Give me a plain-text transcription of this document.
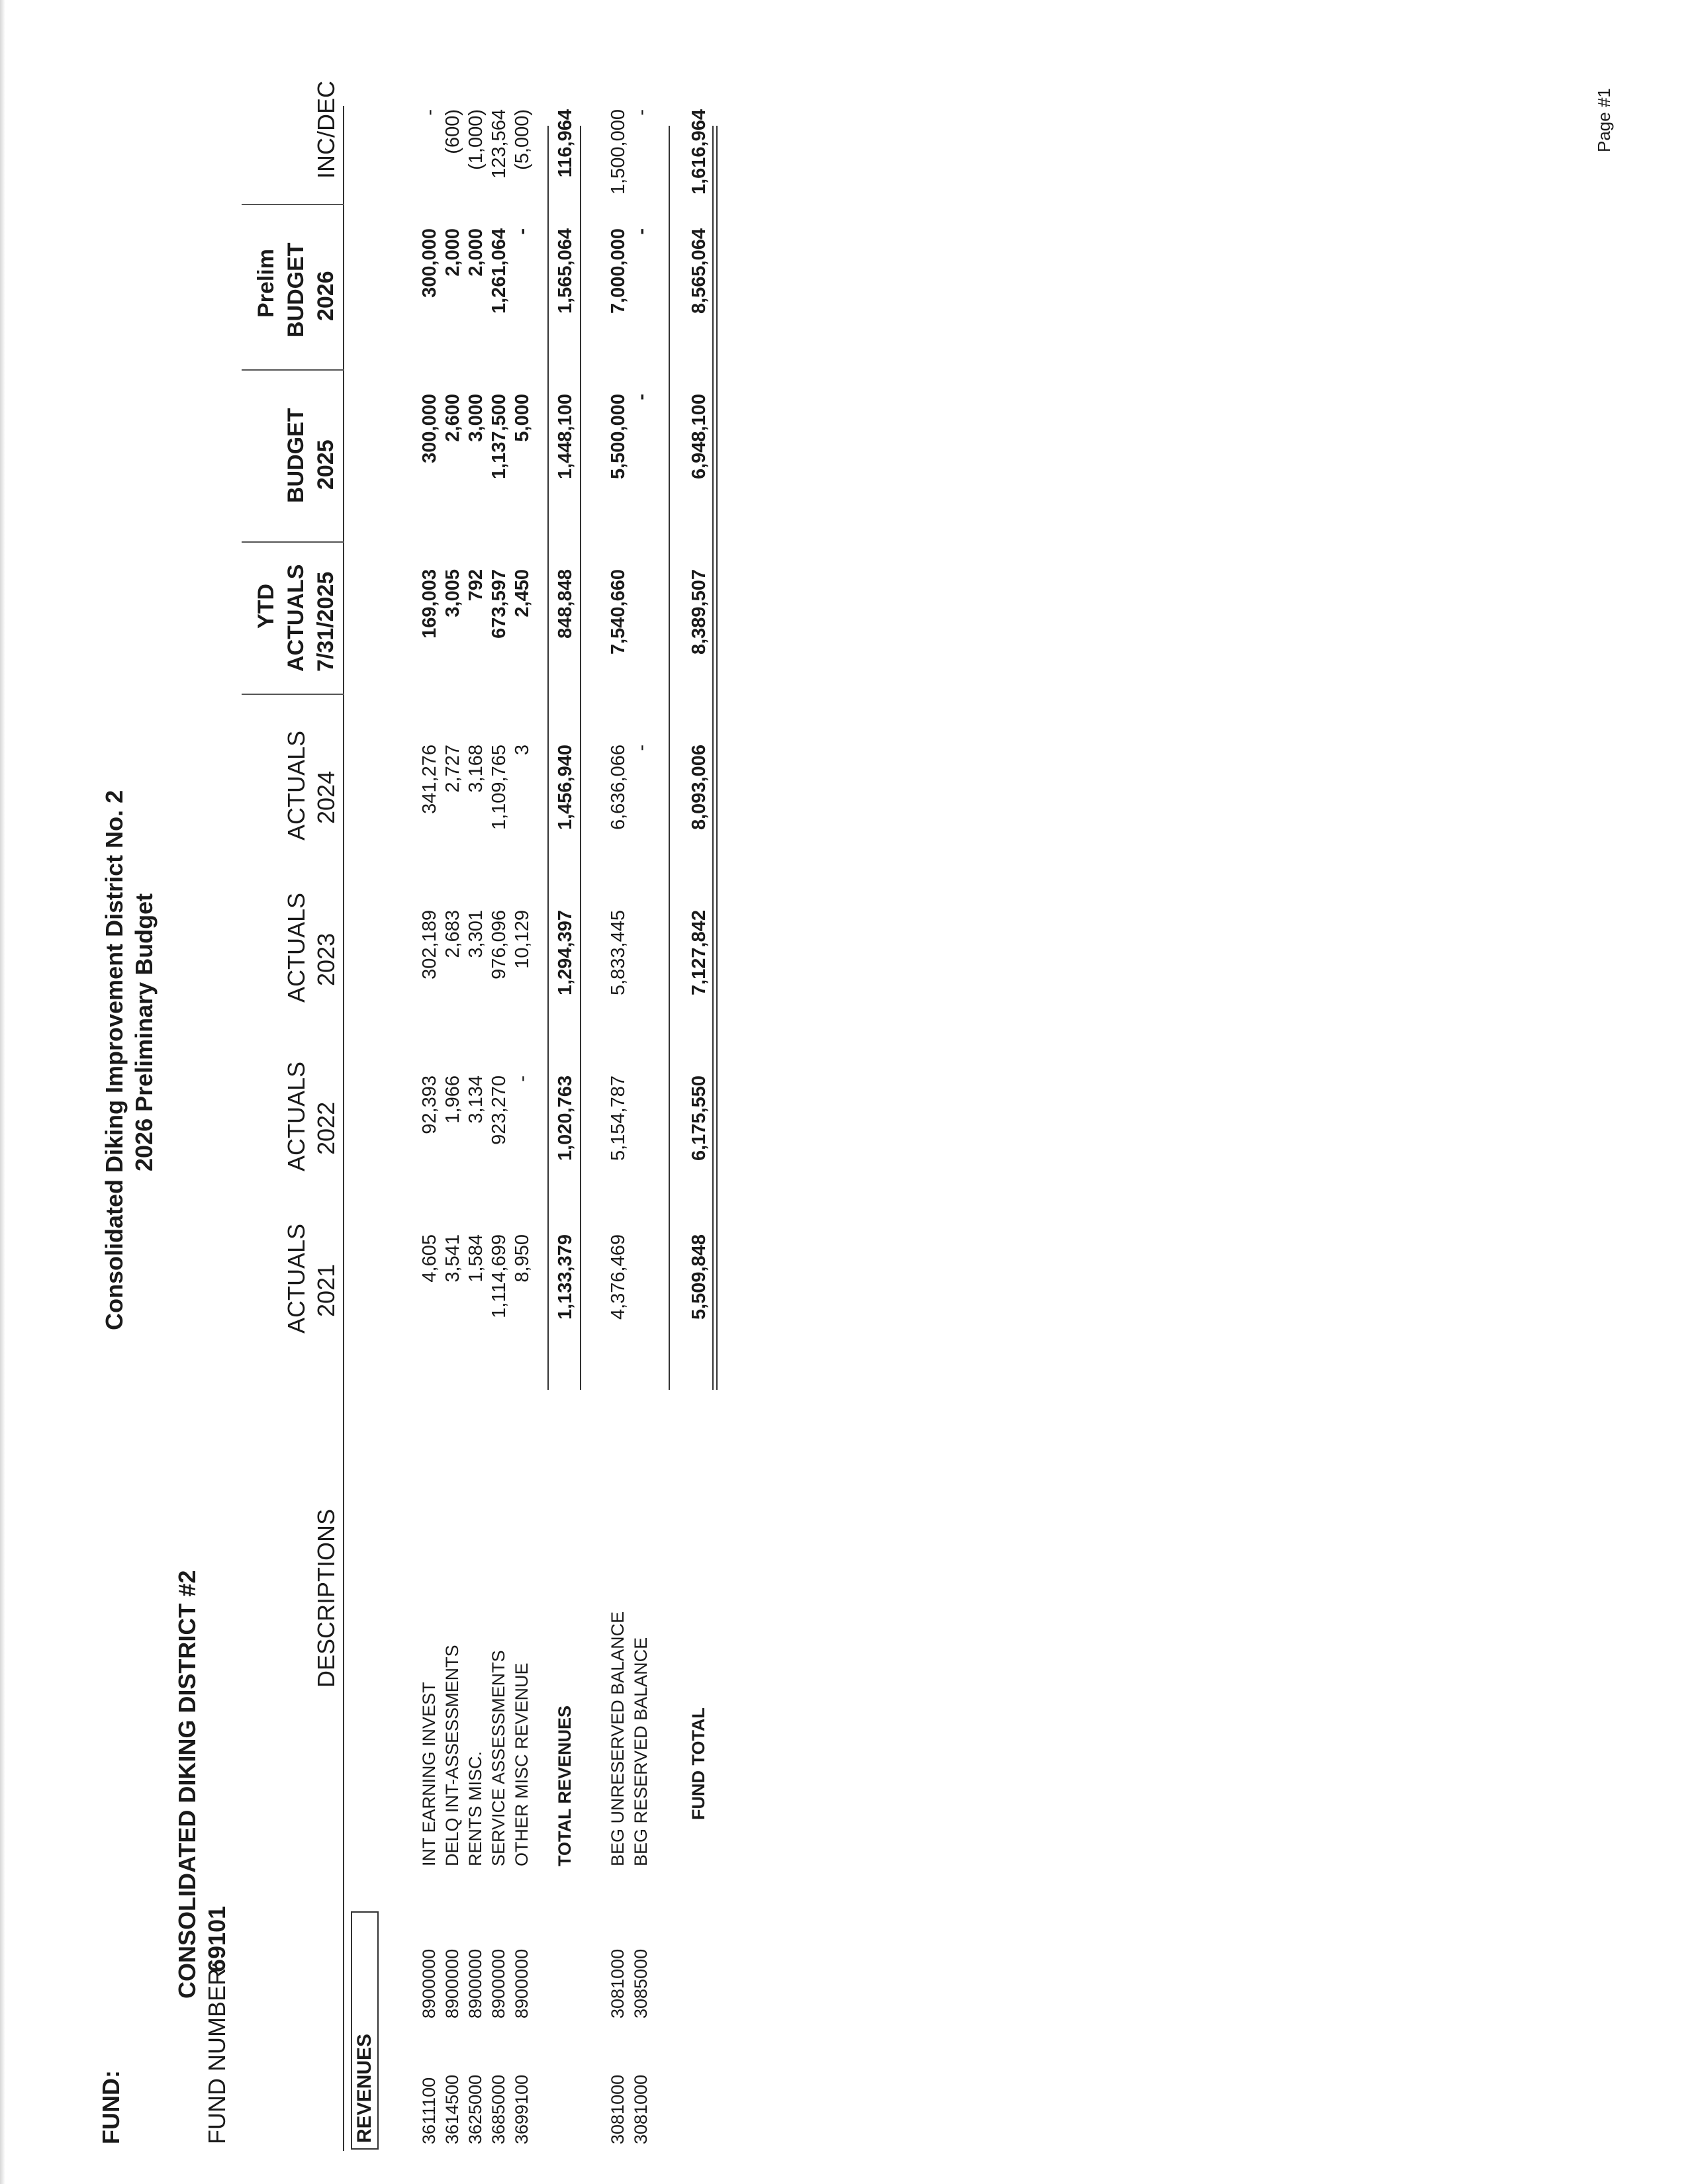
FUND:
CONSOLIDATED DIKING DISTRICT #2
FUND NUMBER:
69101
Consolidated Diking Improvement District No. 2 2026 Preliminary Budget
DESCRIPTIONS
ACTUALS 2021
ACTUALS 2022
ACTUALS 2023
ACTUALS 2024
YTD ACTUALS 7/31/2025
BUDGET 2025
Prelim BUDGET 2026
INC/DEC
REVENUES 3611100
8900000
INT EARNING INVEST
4,605
92,393
302,189
341,276
169,003
300,000
300,000
-
3614500
8900000
DELQ INT-ASSESSMENTS
3,541
1,966
2,683
2,727
3,005
2,600
2,000
(600)
3625000
8900000
RENTS MISC.
1,584
3,134
3,301
3,168
792
3,000
2,000
(1,000)
3685000
8900000
SERVICE ASSESSMENTS
1,114,699
923,270
976,096
1,109,765
673,597
1,137,500
1,261,064
123,564
3699100
8900000
OTHER MISC REVENUE
8,950
-
10,129
3
2,450
5,000
-
(5,000)
TOTAL REVENUES
1,133,379
1,020,763
1,294,397
1,456,940
848,848
1,448,100
1,565,064
116,964
3081000
3081000
BEG UNRESERVED BALANCE
4,376,469
5,154,787
5,833,445
6,636,066
7,540,660
5,500,000
7,000,000
1,500,000
3081000
3085000
BEG RESERVED BALANCE
-
-
-
-
FUND TOTAL
5,509,848
6,175,550
7,127,842
8,093,006
8,389,507
6,948,100
8,565,064
1,616,964	Page #1
